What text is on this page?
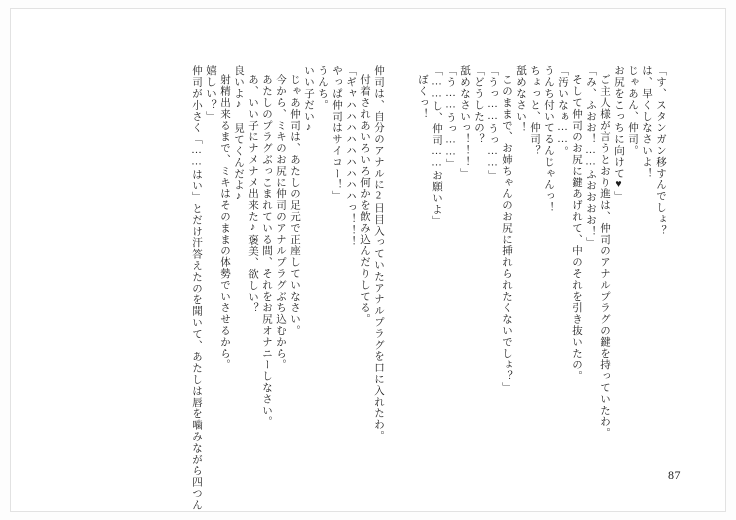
「す、スタンガン移すんでしょ？
は、早くしなさいよ！
じゃあん、仲司。
お尻をこっちに向けて♥」
ご主人様が言うとおり進は、仲司のアナルプラグの鍵を持っていたわ。
「み、ふおお！……ふおおおお！」
そして仲司のお尻に鍵あげれて、中のそれを引き抜いたの。
「汚いなぁ……。
うんち付いてるんじゃんっ！
ちょっと、仲司？
舐めなさい！
このままで、お姉ちゃんのお尻に挿れられたくないでしょ？」
「うっ……うっ……」
「どうしたの？
舐めなさいっ！！！」
「う……うっ……」
「……し、仲司……お願いよ」
ぼくっ！
仲司は、自分のアナルに2日目入っていたアナルプラグを口に入れたわ。
付着されあいろいろ何かを飲み込んだりしてる。
「ギャハハハハハハハハハっ！！！
やっぱ仲司はサイコー！」
うんち。
いい子だい♪
じゃあ仲司は、あたしの足元で正座していなさい。
今から、ミキのお尻に仲司のアナルプラグぶち込むから。
あたしのプラグぶっこまれている間、それをお尻オナニーしなさい。
あ、いい子にナメナメ出来た♪褒美、欲しい？
良いよ♪　見てくんだよ♪
射精出来るまで、ミキはそのままの体勢でいさせるから。
嬉しい？」
仲司が小さく「……はい」とだけ汗答えたのを聞いて、あたしは唇を噛みながら四つん	87
